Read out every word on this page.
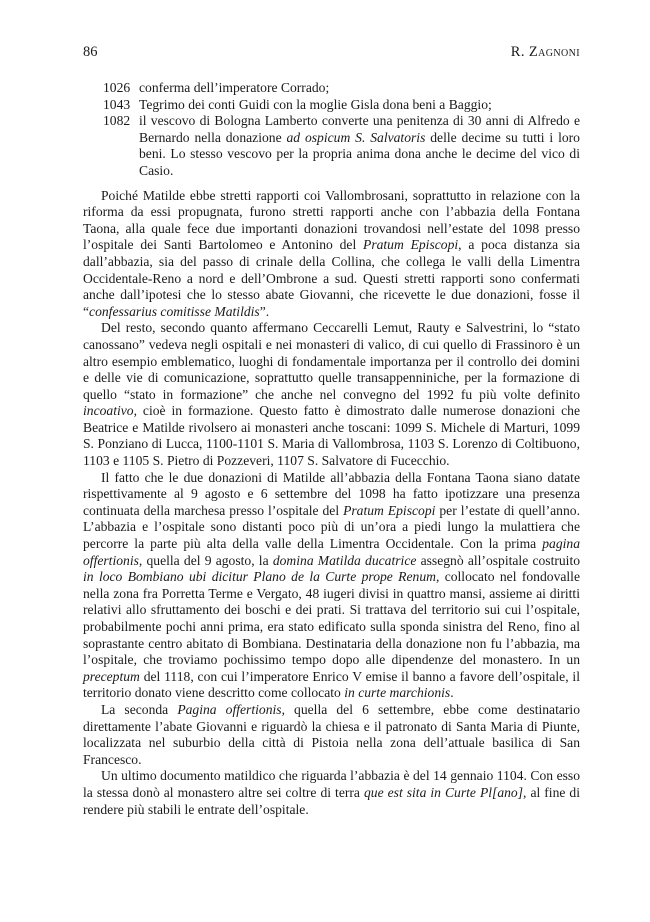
86	R. Zagnoni
1026 conferma dell’imperatore Corrado;
1043 Tegrimo dei conti Guidi con la moglie Gisla dona beni a Baggio;
1082 il vescovo di Bologna Lamberto converte una penitenza di 30 anni di Alfredo e Bernardo nella donazione ad ospicum S. Salvatoris delle decime su tutti i loro beni. Lo stesso vescovo per la propria anima dona anche le decime del vico di Casio.

Poiché Matilde ebbe stretti rapporti coi Vallombrosani, soprattutto in relazione con la riforma da essi propugnata, furono stretti rapporti anche con l’abbazia della Fontana Taona, alla quale fece due importanti donazioni trovandosi nell’estate del 1098 presso l’ospitale dei Santi Bartolomeo e Antonino del Pratum Episcopi, a poca distanza sia dall’abbazia, sia del passo di crinale della Collina, che collega le valli della Limentra Occidentale-Reno a nord e dell’Ombrone a sud. Questi stretti rapporti sono confermati anche dall’ipotesi che lo stesso abate Giovanni, che ricevette le due donazioni, fosse il “confessarius comitisse Matildis”.

Del resto, secondo quanto affermano Ceccarelli Lemut, Rauty e Salvestrini, lo “stato canossano” vedeva negli ospitali e nei monasteri di valico, di cui quello di Frassinoro è un altro esempio emblematico, luoghi di fondamentale importanza per il controllo dei domini e delle vie di comunicazione, soprattutto quelle transappenniniche, per la formazione di quello “stato in formazione” che anche nel convegno del 1992 fu più volte definito incoativo, cioè in formazione. Questo fatto è dimostrato dalle numerose donazioni che Beatrice e Matilde rivolsero ai monasteri anche toscani: 1099 S. Michele di Marturi, 1099 S. Ponziano di Lucca, 1100-1101 S. Maria di Vallombrosa, 1103 S. Lorenzo di Coltibuono, 1103 e 1105 S. Pietro di Pozzeveri, 1107 S. Salvatore di Fucecchio.

Il fatto che le due donazioni di Matilde all’abbazia della Fontana Taona siano datate rispettivamente al 9 agosto e 6 settembre del 1098 ha fatto ipotizzare una presenza continuata della marchesa presso l’ospitale del Pratum Episcopi per l’estate di quell’anno. L’abbazia e l’ospitale sono distanti poco più di un’ora a piedi lungo la mulattiera che percorre la parte più alta della valle della Limentra Occidentale. Con la prima pagina offertionis, quella del 9 agosto, la domina Matilda ducatrice assegnò all’ospitale costruito in loco Bombiano ubi dicitur Plano de la Curte prope Renum, collocato nel fondovalle nella zona fra Porretta Terme e Vergato, 48 iugeri divisi in quattro mansi, assieme ai diritti relativi allo sfruttamento dei boschi e dei prati. Si trattava del territorio sui cui l’ospitale, probabilmente pochi anni prima, era stato edificato sulla sponda sinistra del Reno, fino al soprastante centro abitato di Bombiana. Destinataria della donazione non fu l’abbazia, ma l’ospitale, che troviamo pochissimo tempo dopo alle dipendenze del monastero. In un preceptum del 1118, con cui l’imperatore Enrico V emise il banno a favore dell’ospitale, il territorio donato viene descritto come collocato in curte marchionis.

La seconda Pagina offertionis, quella del 6 settembre, ebbe come destinatario direttamente l’abate Giovanni e riguardò la chiesa e il patronato di Santa Maria di Piunte, localizzata nel suburbio della città di Pistoia nella zona dell’attuale basilica di San Francesco.

Un ultimo documento matildico che riguarda l’abbazia è del 14 gennaio 1104. Con esso la stessa donò al monastero altre sei coltre di terra que est sita in Curte Pl[ano], al fine di rendere più stabili le entrate dell’ospitale.
